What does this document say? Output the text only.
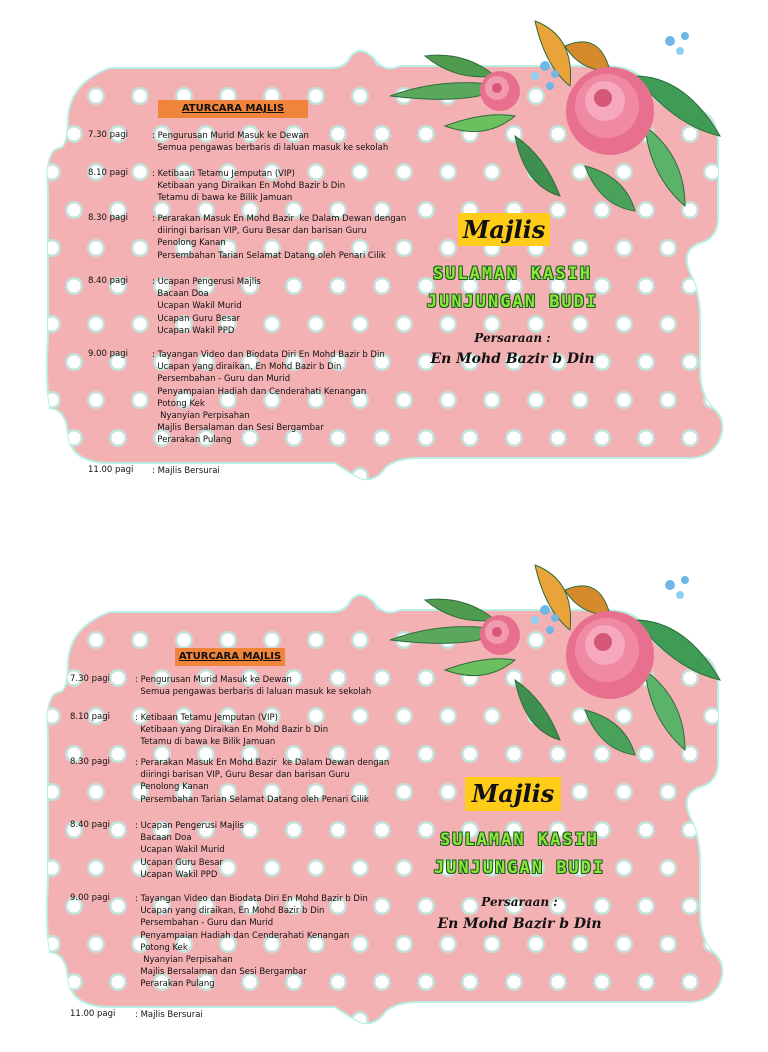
ATURCARA MAJLIS
7.30 pagi	: Pengurusan Murid Masuk ke Dewan
Semua pengawas berbaris di laluan masuk ke sekolah
8.10 pagi	: Ketibaan Tetamu Jemputan (VIP)
Ketibaan yang Diraikan En Mohd Bazir b Din
Tetamu di bawa ke Bilik Jamuan
8.30 pagi	: Perarakan Masuk En Mohd Bazir  ke Dalam Dewan dengan
diiringi barisan VIP, Guru Besar dan barisan Guru
Penolong Kanan
Persembahan Tarian Selamat Datang oleh Penari Cilik
8.40 pagi	: Ucapan Pengerusi Majlis
Bacaan Doa
Ucapan Wakil Murid
Ucapan Guru Besar
Ucapan Wakil PPD
9.00 pagi	: Tayangan Video dan Biodata Diri En Mohd Bazir b Din
Ucapan yang diraikan, En Mohd Bazir b Din
Persembahan - Guru dan Murid
Penyampaian Hadiah dan Cenderahati Kenangan
Potong Kek
Nyanyian Perpisahan
Majlis Bersalaman dan Sesi Bergambar
Perarakan Pulang
11.00 pagi : Majlis Bersurai
Majlis
SULAMAN KASIH
JUNJUNGAN BUDI
Persaraan :
En Mohd Bazir b Din
ATURCARA MAJLIS
7.30 pagi	: Pengurusan Murid Masuk ke Dewan
Semua pengawas berbaris di laluan masuk ke sekolah
8.10 pagi	: Ketibaan Tetamu Jemputan (VIP)
Ketibaan yang Diraikan En Mohd Bazir b Din
Tetamu di bawa ke Bilik Jamuan
8.30 pagi	: Perarakan Masuk En Mohd Bazir  ke Dalam Dewan dengan
diiringi barisan VIP, Guru Besar dan barisan Guru
Penolong Kanan
Persembahan Tarian Selamat Datang oleh Penari Cilik
8.40 pagi	: Ucapan Pengerusi Majlis
Bacaan Doa
Ucapan Wakil Murid
Ucapan Guru Besar
Ucapan Wakil PPD
9.00 pagi	: Tayangan Video dan Biodata Diri En Mohd Bazir b Din
Ucapan yang diraikan, En Mohd Bazir b Din
Persembahan - Guru dan Murid
Penyampaian Hadiah dan Cenderahati Kenangan
Potong Kek
Nyanyian Perpisahan
Majlis Bersalaman dan Sesi Bergambar
Perarakan Pulang
11.00 pagi : Majlis Bersurai
Majlis
SULAMAN KASIH
JUNJUNGAN BUDI
Persaraan :
En Mohd Bazir b Din
